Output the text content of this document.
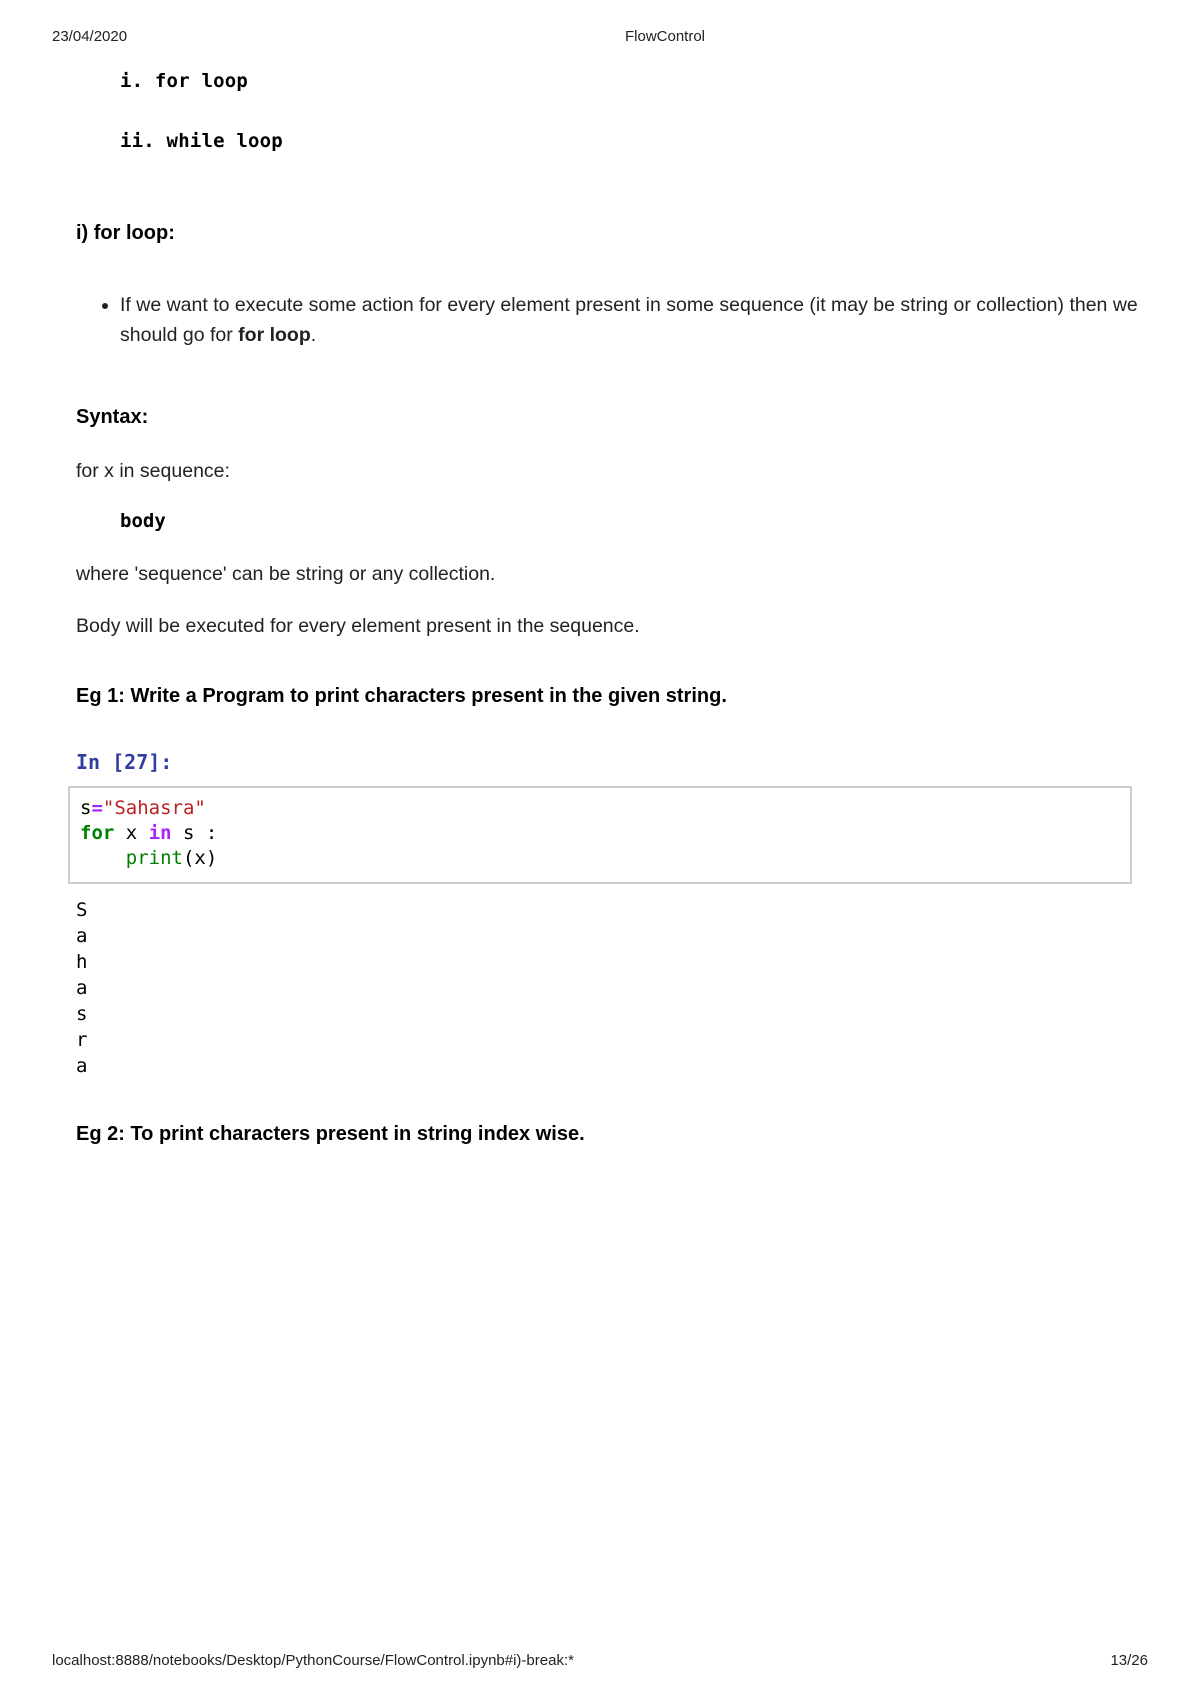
23/04/2020	FlowControl
i. for loop
ii. while loop
i) for loop:
• If we want to execute some action for every element present in some sequence (it may be string or collection) then we should go for for loop.
Syntax:
for x in sequence:
body
where 'sequence' can be string or any collection.
Body will be executed for every element present in the sequence.
Eg 1: Write a Program to print characters present in the given string.
In [27]:
s="Sahasra"
for x in s :
print(x)
S
a
h
a
s
r
a
Eg 2: To print characters present in string index wise.
localhost:8888/notebooks/Desktop/PythonCourse/FlowControl.ipynb#i)-break:*	13/26
